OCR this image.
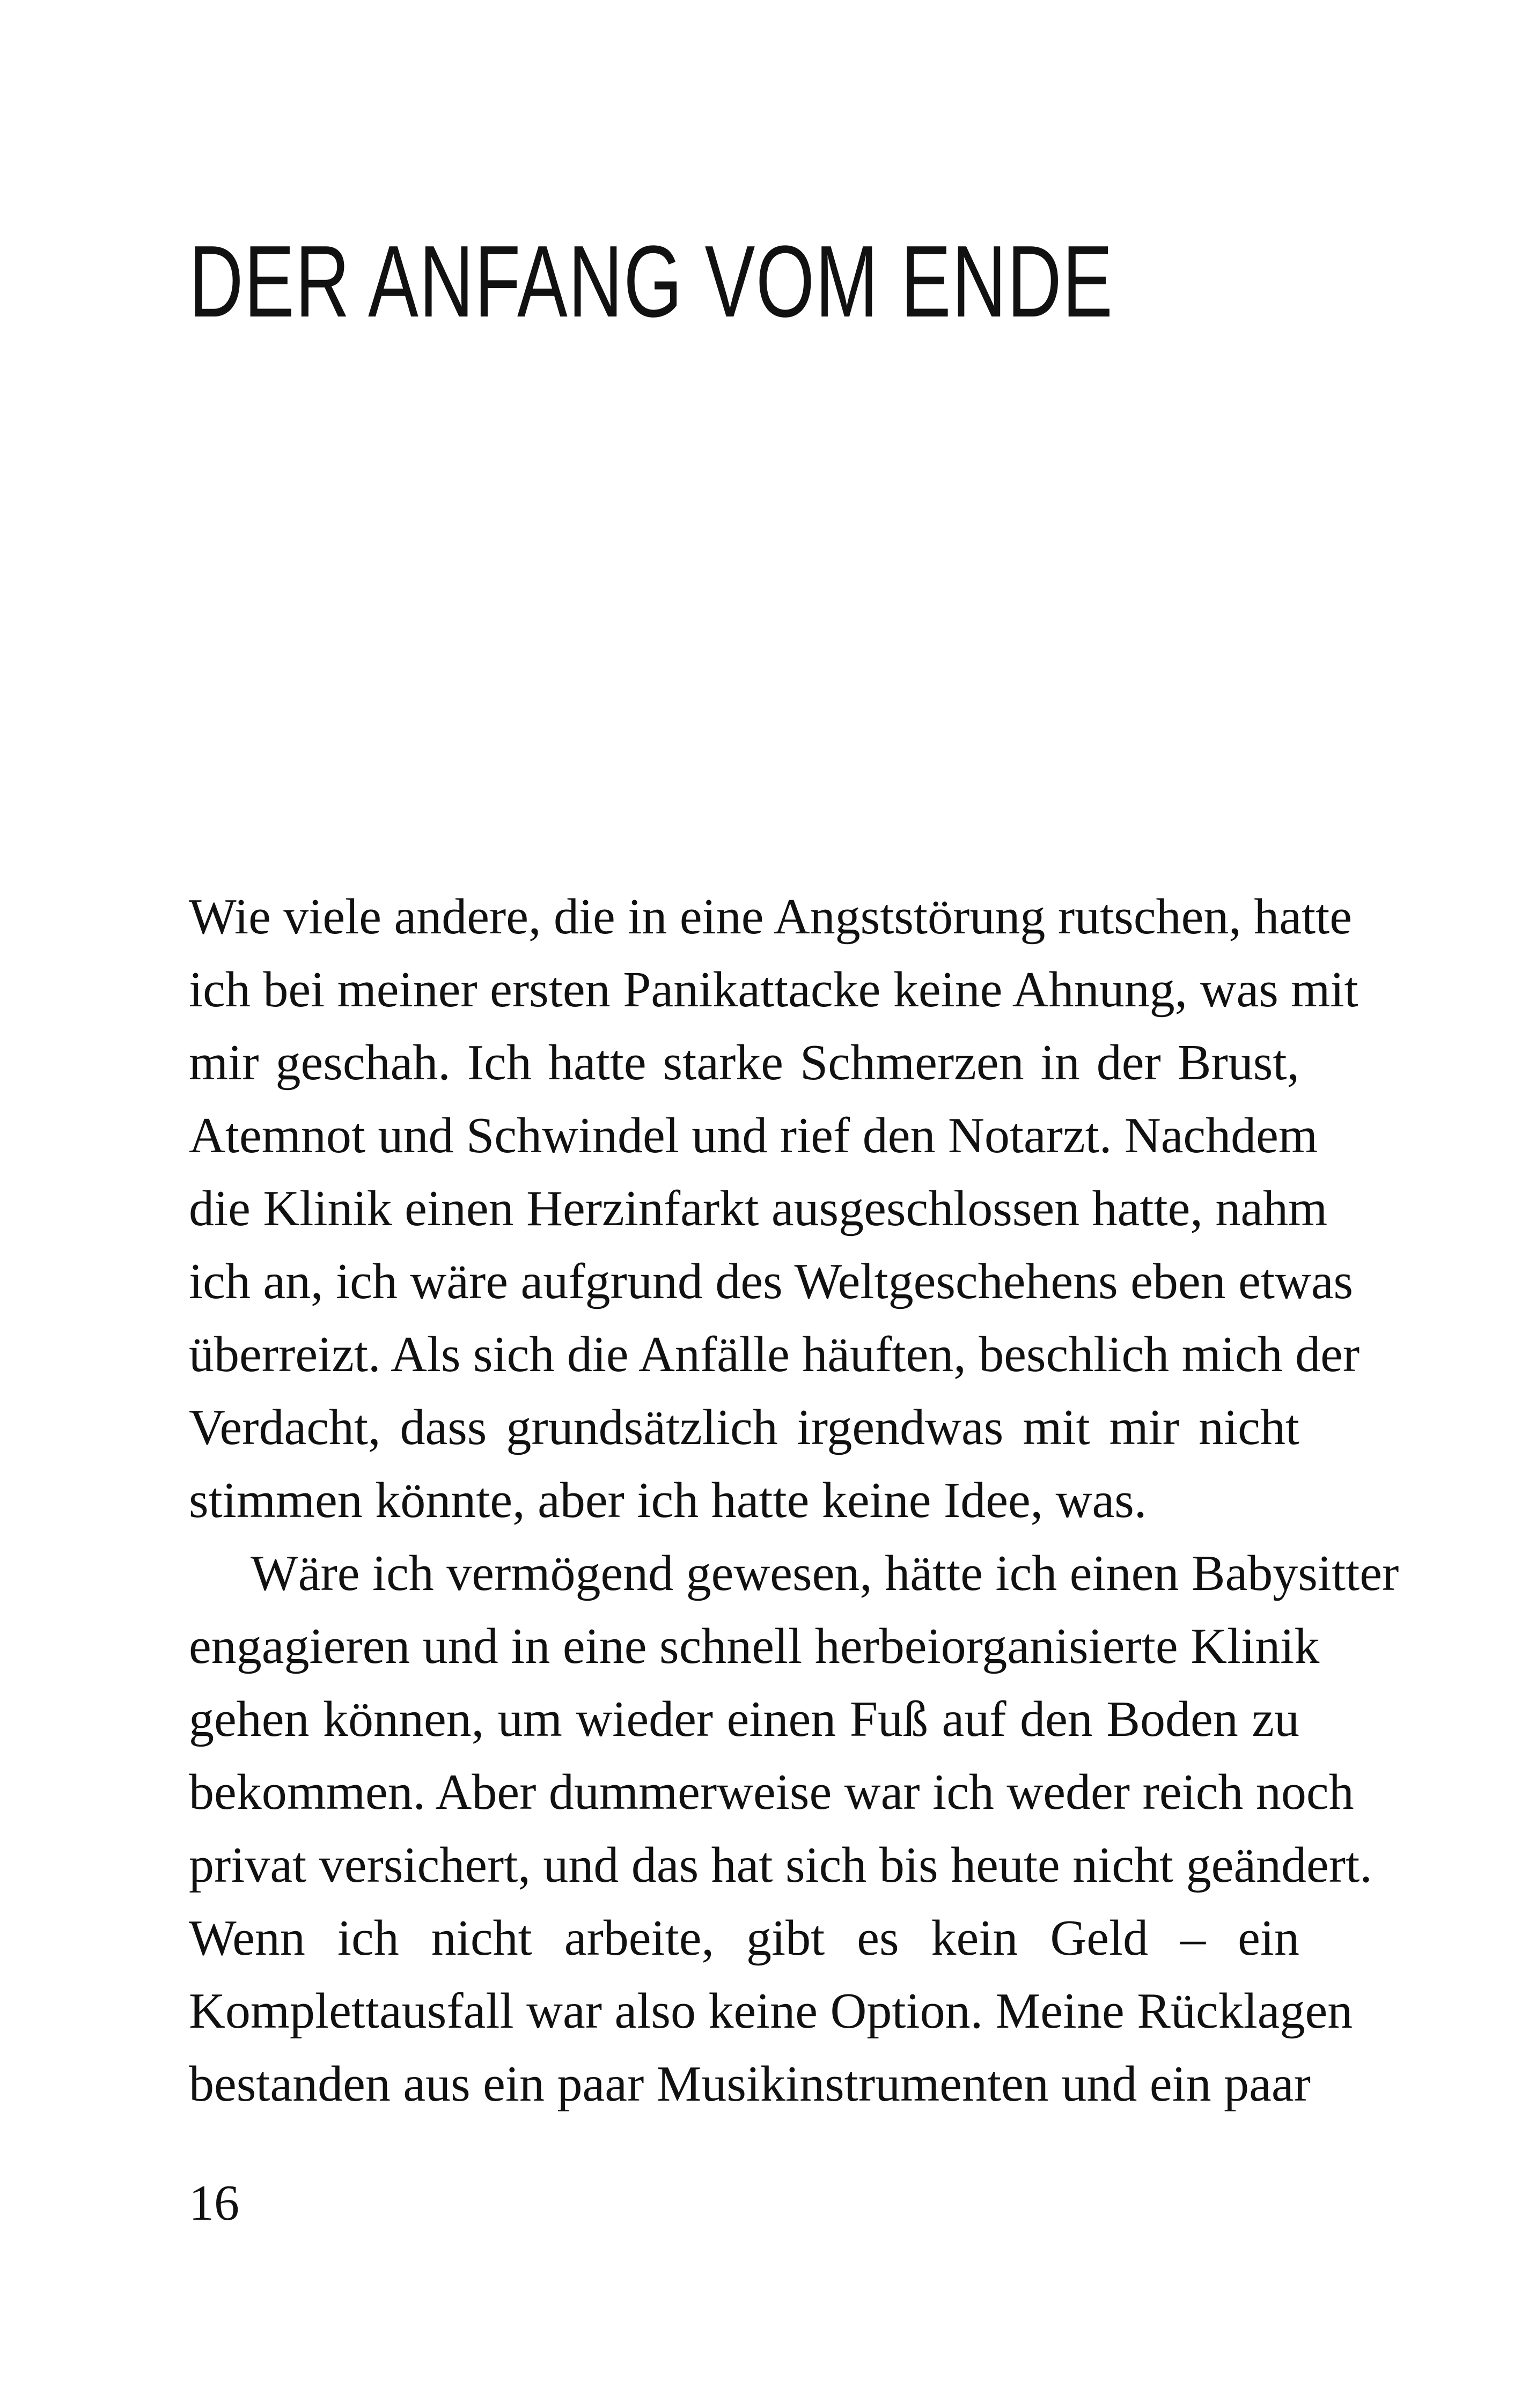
DER ANFANG VOM ENDE
Wie viele andere, die in eine Angststörung rutschen, hatte
ich bei meiner ersten Panikattacke keine Ahnung, was mit
mir geschah. Ich hatte starke Schmerzen in der Brust,
Atemnot und Schwindel und rief den Notarzt. Nachdem
die Klinik einen Herzinfarkt ausgeschlossen hatte, nahm
ich an, ich wäre aufgrund des Weltgeschehens eben etwas
überreizt. Als sich die Anfälle häuften, beschlich mich der
Verdacht, dass grundsätzlich irgendwas mit mir nicht
stimmen könnte, aber ich hatte keine Idee, was.
Wäre ich vermögend gewesen, hätte ich einen Babysitter
engagieren und in eine schnell herbeiorganisierte Klinik
gehen können, um wieder einen Fuß auf den Boden zu
bekommen. Aber dummerweise war ich weder reich noch
privat versichert, und das hat sich bis heute nicht geändert.
Wenn ich nicht arbeite, gibt es kein Geld – ein
Komplettausfall war also keine Option. Meine Rücklagen
bestanden aus ein paar Musikinstrumenten und ein paar
16
